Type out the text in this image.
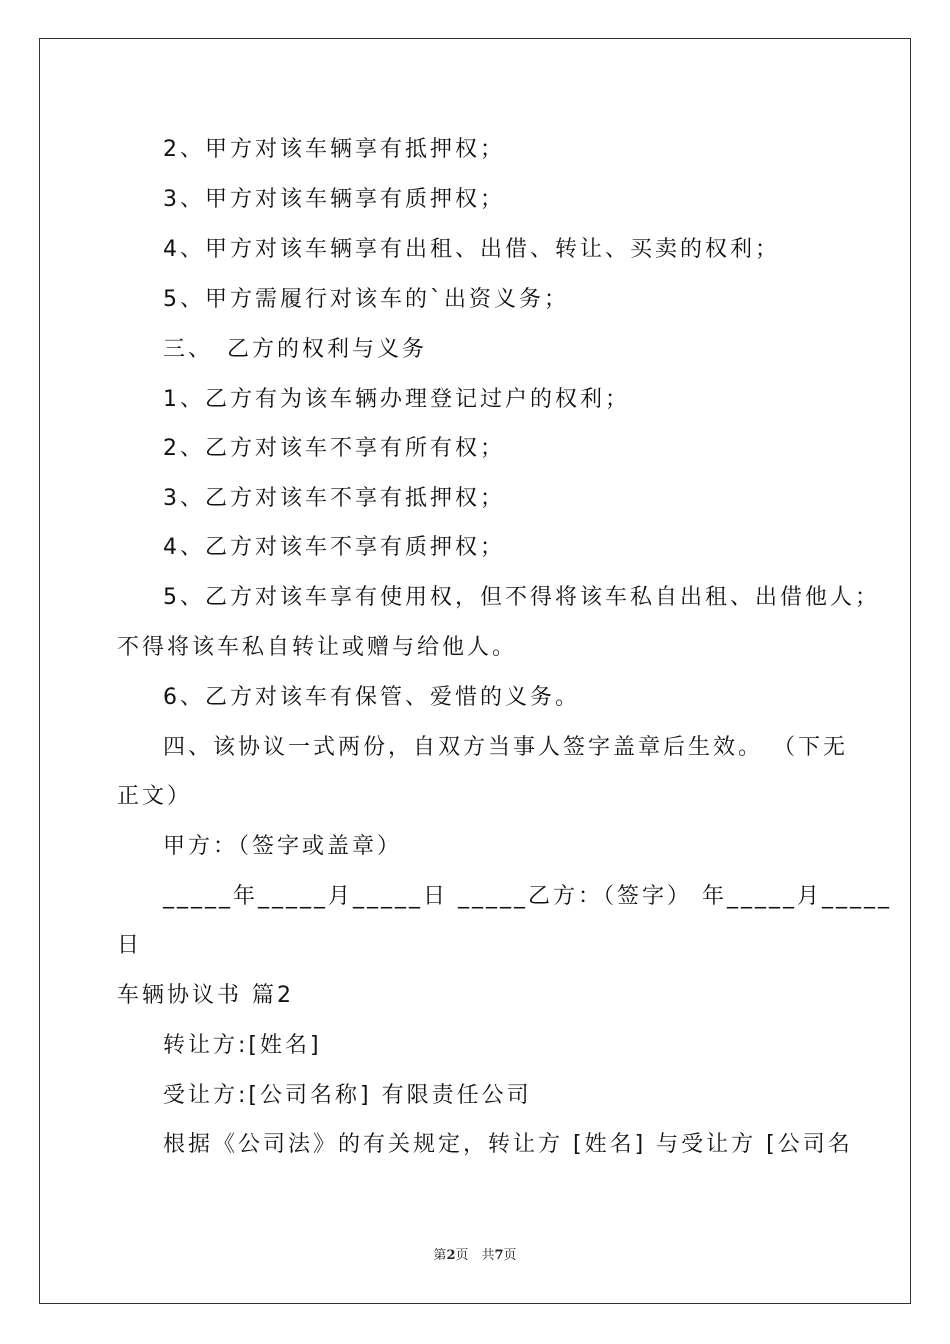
2、甲方对该车辆享有抵押权；
3、甲方对该车辆享有质押权；
4、甲方对该车辆享有出租、出借、转让、买卖的权利；
5、甲方需履行对该车的`出资义务；
三、　乙方的权利与义务
1、乙方有为该车辆办理登记过户的权利；
2、乙方对该车不享有所有权；
3、乙方对该车不享有抵押权；
4、乙方对该车不享有质押权；
5、乙方对该车享有使用权，但不得将该车私自出租、出借他人；
不得将该车私自转让或赠与给他人。
6、乙方对该车有保管、爱惜的义务。
四、该协议一式两份，自双方当事人签字盖章后生效。 （下无
正文）
甲方：（签字或盖章）
_____年_____月_____日 _____乙方：（签字） 年_____月_____
日
车辆协议书 篇2
转让方:[姓名]
受让方:[公司名称] 有限责任公司
根据《公司法》的有关规定，转让方 [姓名] 与受让方 [公司名
第2页　共7页
